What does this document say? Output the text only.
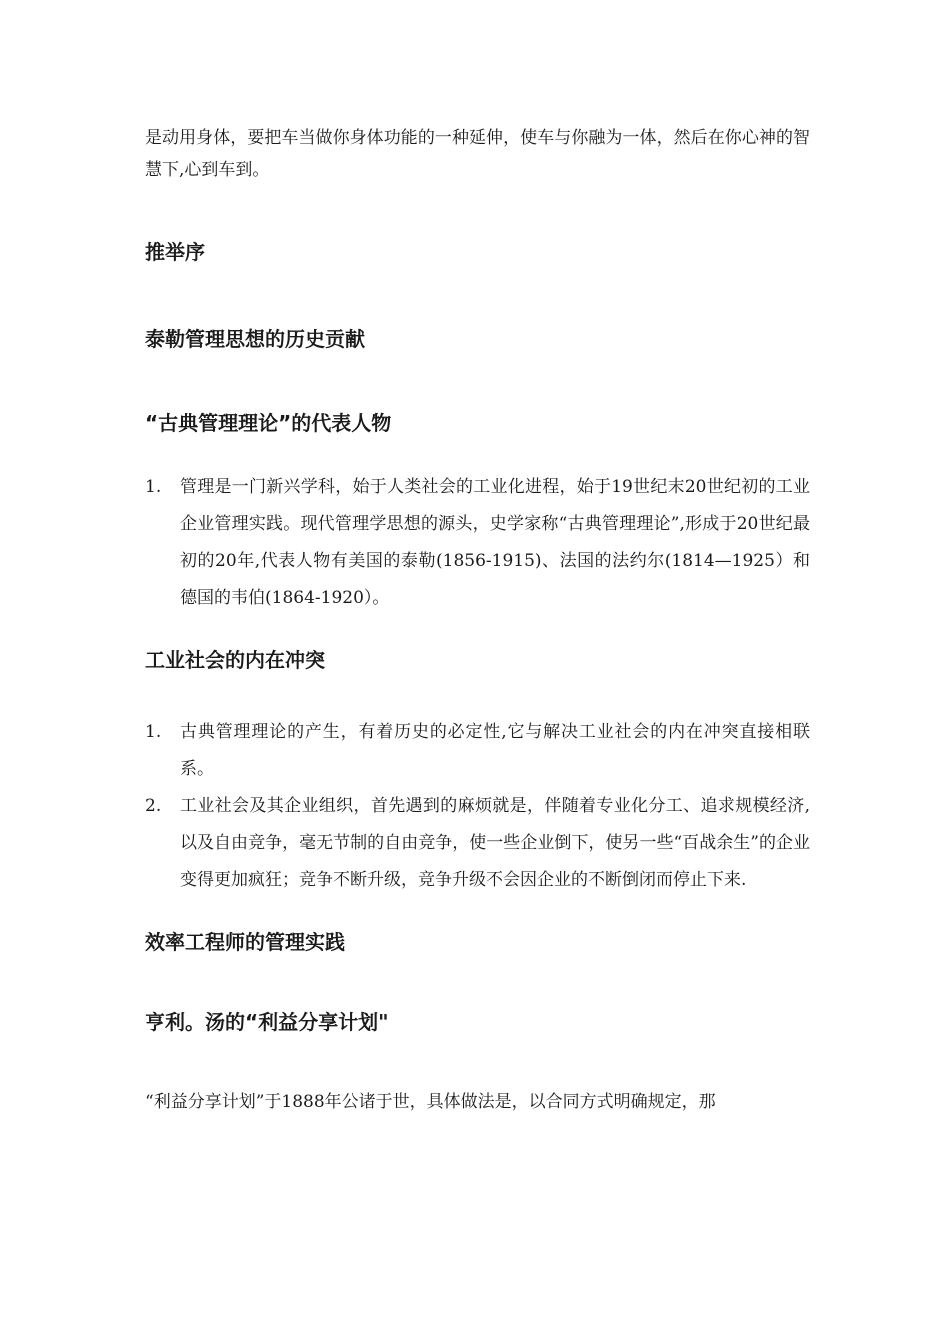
是动用身体，要把车当做你身体功能的一种延伸，使车与你融为一体，然后在你心神的智慧下,心到车到。

推举序
泰勒管理思想的历史贡献
“古典管理理论”的代表人物
1. 管理是一门新兴学科，始于人类社会的工业化进程，始于19世纪末20世纪初的工业企业管理实践。现代管理学思想的源头，史学家称“古典管理理论”,形成于20世纪最初的20年,代表人物有美国的泰勒(1856-1915)、法国的法约尔(1814—1925）和德国的韦伯(1864-1920）。
工业社会的内在冲突
1. 古典管理理论的产生，有着历史的必定性,它与解决工业社会的内在冲突直接相联系。
2. 工业社会及其企业组织，首先遇到的麻烦就是，伴随着专业化分工、追求规模经济,以及自由竞争，毫无节制的自由竞争，使一些企业倒下，使另一些“百战余生”的企业变得更加疯狂；竞争不断升级，竞争升级不会因企业的不断倒闭而停止下来.
效率工程师的管理实践
亨利。汤的“利益分享计划"

“利益分享计划”于1888年公诸于世，具体做法是，以合同方式明确规定，那
